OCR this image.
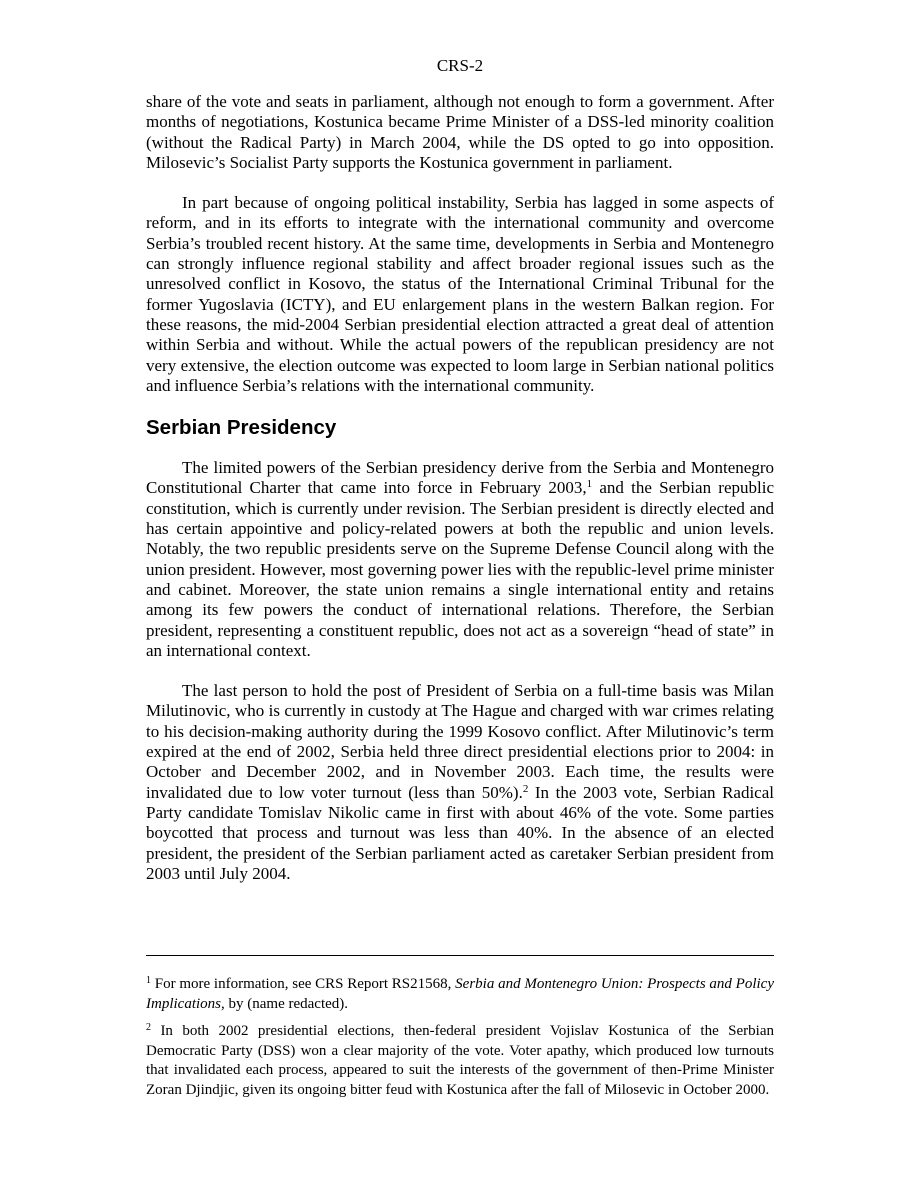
CRS-2

share of the vote and seats in parliament, although not enough to form a government. After months of negotiations, Kostunica became Prime Minister of a DSS-led minority coalition (without the Radical Party) in March 2004, while the DS opted to go into opposition. Milosevic’s Socialist Party supports the Kostunica government in parliament.

In part because of ongoing political instability, Serbia has lagged in some aspects of reform, and in its efforts to integrate with the international community and overcome Serbia’s troubled recent history. At the same time, developments in Serbia and Montenegro can strongly influence regional stability and affect broader regional issues such as the unresolved conflict in Kosovo, the status of the International Criminal Tribunal for the former Yugoslavia (ICTY), and EU enlargement plans in the western Balkan region. For these reasons, the mid-2004 Serbian presidential election attracted a great deal of attention within Serbia and without. While the actual powers of the republican presidency are not very extensive, the election outcome was expected to loom large in Serbian national politics and influence Serbia’s relations with the international community.

Serbian Presidency

The limited powers of the Serbian presidency derive from the Serbia and Montenegro Constitutional Charter that came into force in February 2003,$^1$ and the Serbian republic constitution, which is currently under revision. The Serbian president is directly elected and has certain appointive and policy-related powers at both the republic and union levels. Notably, the two republic presidents serve on the Supreme Defense Council along with the union president. However, most governing power lies with the republic-level prime minister and cabinet. Moreover, the state union remains a single international entity and retains among its few powers the conduct of international relations. Therefore, the Serbian president, representing a constituent republic, does not act as a sovereign “head of state” in an international context.

The last person to hold the post of President of Serbia on a full-time basis was Milan Milutinovic, who is currently in custody at The Hague and charged with war crimes relating to his decision-making authority during the 1999 Kosovo conflict. After Milutinovic’s term expired at the end of 2002, Serbia held three direct presidential elections prior to 2004: in October and December 2002, and in November 2003. Each time, the results were invalidated due to low voter turnout (less than 50%).$^2$ In the 2003 vote, Serbian Radical Party candidate Tomislav Nikolic came in first with about 46% of the vote. Some parties boycotted that process and turnout was less than 40%. In the absence of an elected president, the president of the Serbian parliament acted as caretaker Serbian president from 2003 until July 2004.

$^1$ For more information, see CRS Report RS21568, Serbia and Montenegro Union: Prospects and Policy Implications, by (name redacted).

$^2$ In both 2002 presidential elections, then-federal president Vojislav Kostunica of the Serbian Democratic Party (DSS) won a clear majority of the vote. Voter apathy, which produced low turnouts that invalidated each process, appeared to suit the interests of the government of then-Prime Minister Zoran Djindjic, given its ongoing bitter feud with Kostunica after the fall of Milosevic in October 2000.
